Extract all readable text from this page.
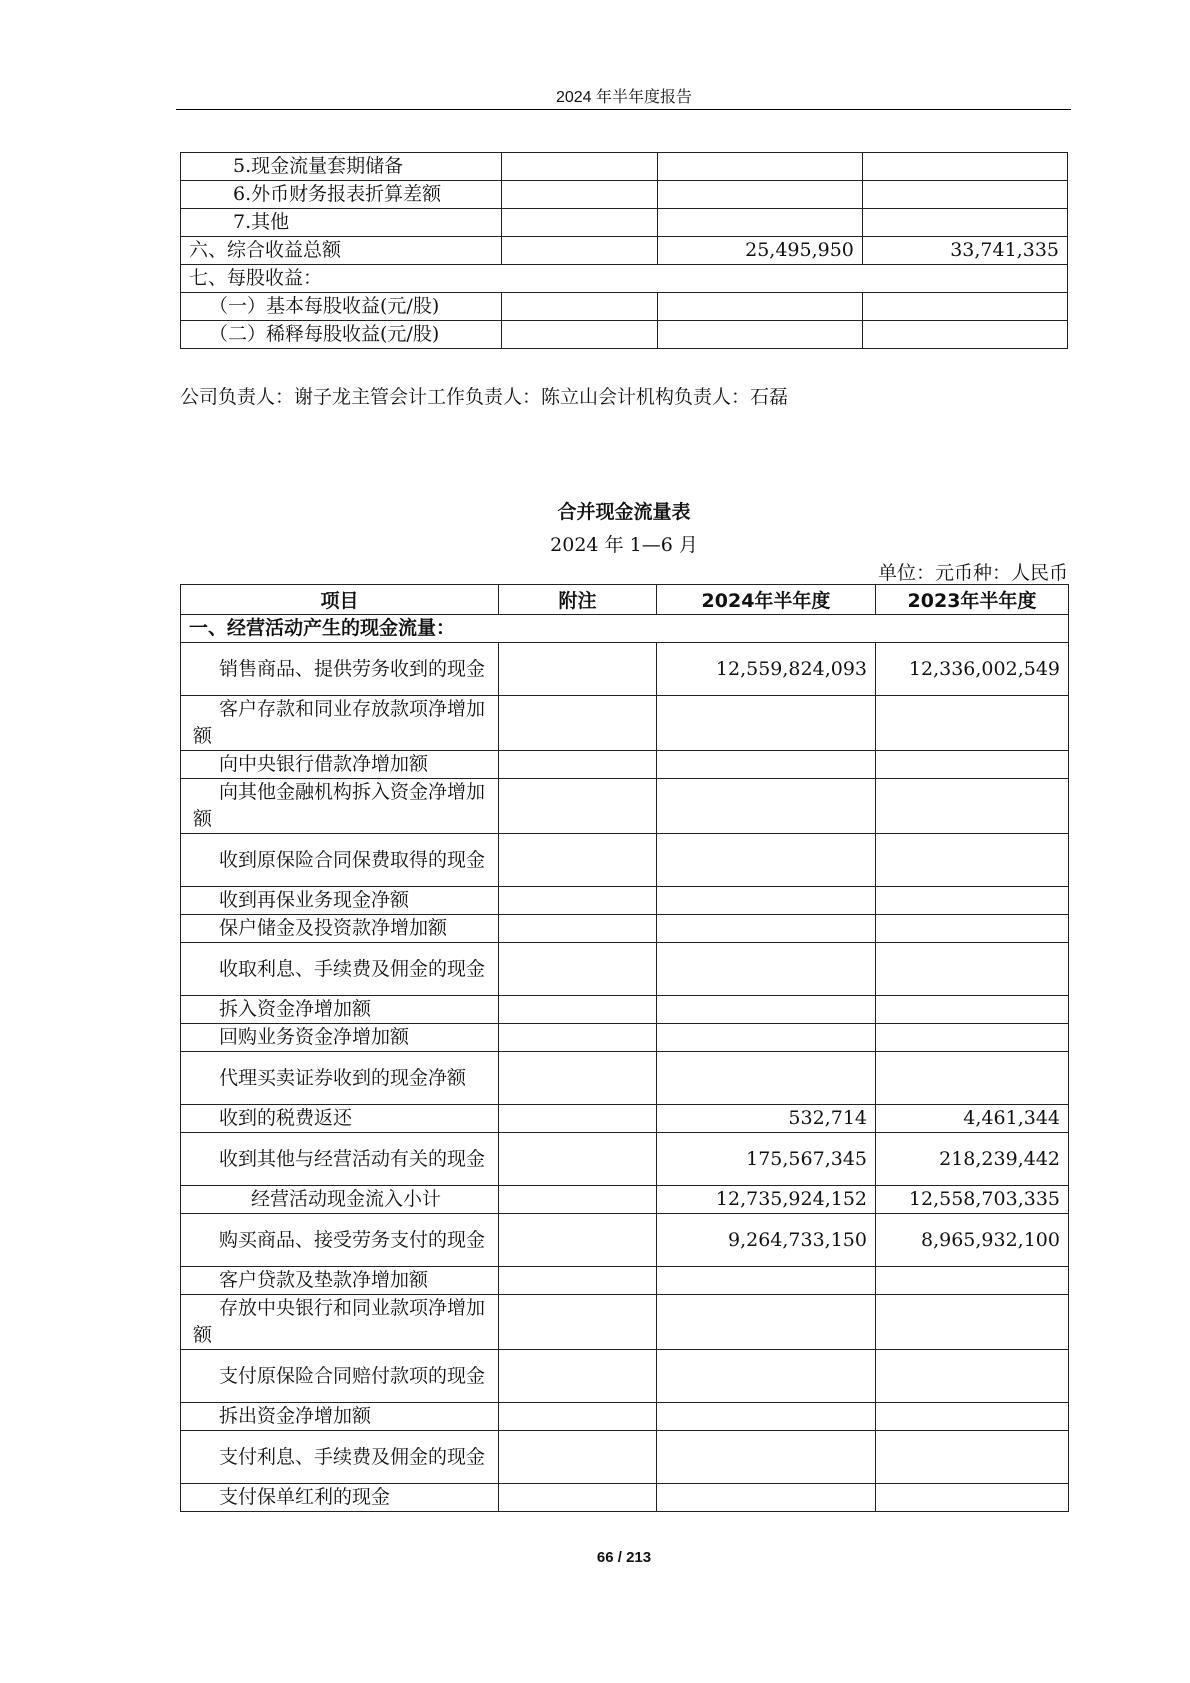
2024 年半年度报告
5.现金流量套期储备			
6.外币财务报表折算差额			
7.其他			
六、综合收益总额		25,495,950	33,741,335
七、每股收益：			
（一）基本每股收益(元/股)			
（二）稀释每股收益(元/股)			
公司负责人：谢子龙主管会计工作负责人：陈立山会计机构负责人：石磊
合并现金流量表
2024 年 1—6 月
单位：元币种：人民币
项目	附注	2024年半年度	2023年半年度
一、经营活动产生的现金流量：			

销售商品、提供劳务收到的现金		12,559,824,093	12,336,002,549

客户存款和同业存放款项净增加额			

向中央银行借款净增加额			

向其他金融机构拆入资金净增加额			

收到原保险合同保费取得的现金			

收到再保业务现金净额			

保户储金及投资款净增加额			

收取利息、手续费及佣金的现金			

拆入资金净增加额			

回购业务资金净增加额			

代理买卖证券收到的现金净额			

收到的税费返还		532,714	4,461,344

收到其他与经营活动有关的现金		175,567,345	218,239,442

经营活动现金流入小计		12,735,924,152	12,558,703,335

购买商品、接受劳务支付的现金		9,264,733,150	8,965,932,100

客户贷款及垫款净增加额			

存放中央银行和同业款项净增加额			

支付原保险合同赔付款项的现金			

拆出资金净增加额			

支付利息、手续费及佣金的现金			

支付保单红利的现金			

66 / 213
